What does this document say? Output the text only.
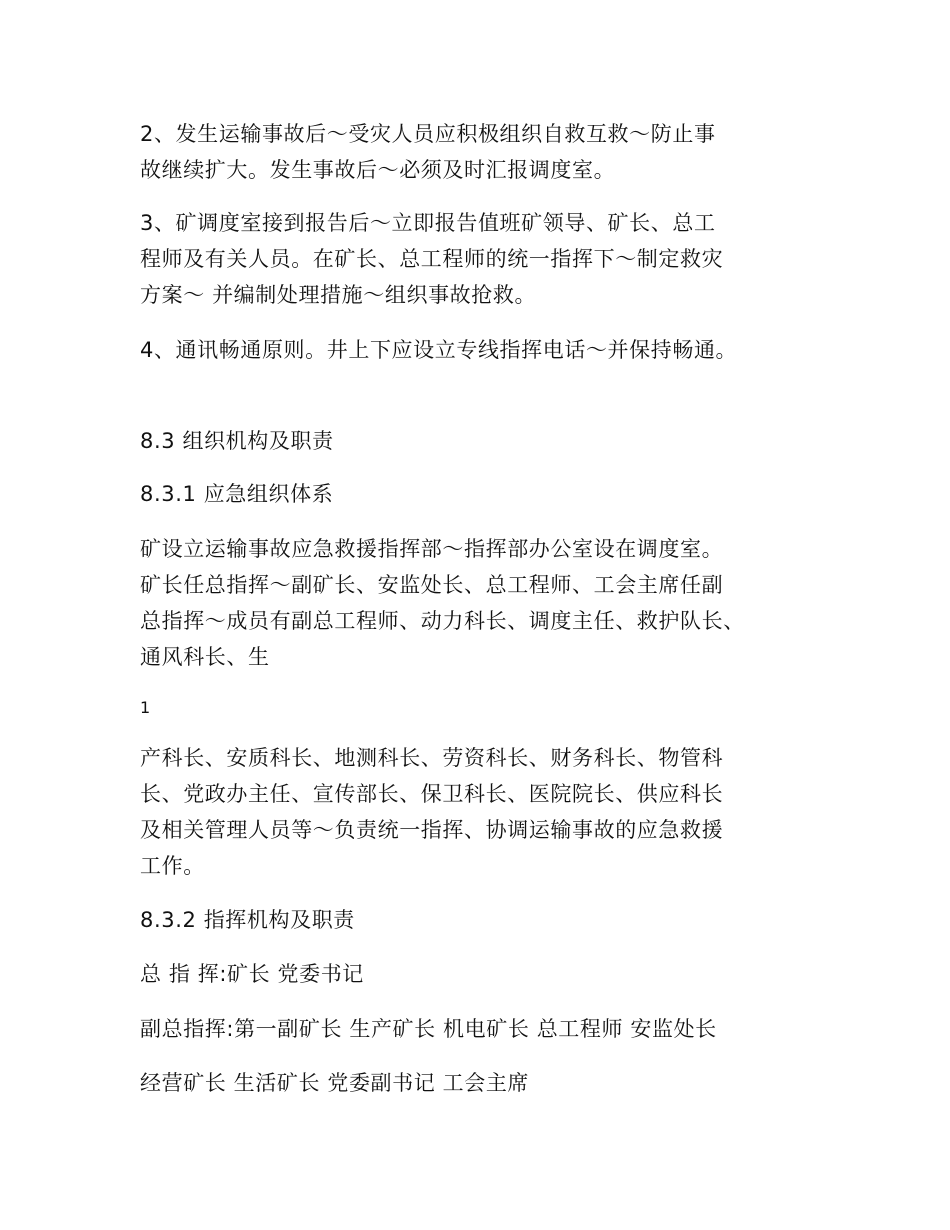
2、发生运输事故后～受灾人员应积极组织自救互救～防止事
故继续扩大。发生事故后～必须及时汇报调度室。
3、矿调度室接到报告后～立即报告值班矿领导、矿长、总工
程师及有关人员。在矿长、总工程师的统一指挥下～制定救灾
方案～ 并编制处理措施～组织事故抢救。
4、通讯畅通原则。井上下应设立专线指挥电话～并保持畅通。
8.3 组织机构及职责
8.3.1 应急组织体系
矿设立运输事故应急救援指挥部～指挥部办公室设在调度室。
矿长任总指挥～副矿长、安监处长、总工程师、工会主席任副
总指挥～成员有副总工程师、动力科长、调度主任、救护队长、
通风科长、生
1
产科长、安质科长、地测科长、劳资科长、财务科长、物管科
长、党政办主任、宣传部长、保卫科长、医院院长、供应科长
及相关管理人员等～负责统一指挥、协调运输事故的应急救援
工作。
8.3.2 指挥机构及职责
总 指 挥:矿长 党委书记
副总指挥:第一副矿长 生产矿长 机电矿长 总工程师 安监处长
经营矿长 生活矿长 党委副书记 工会主席
